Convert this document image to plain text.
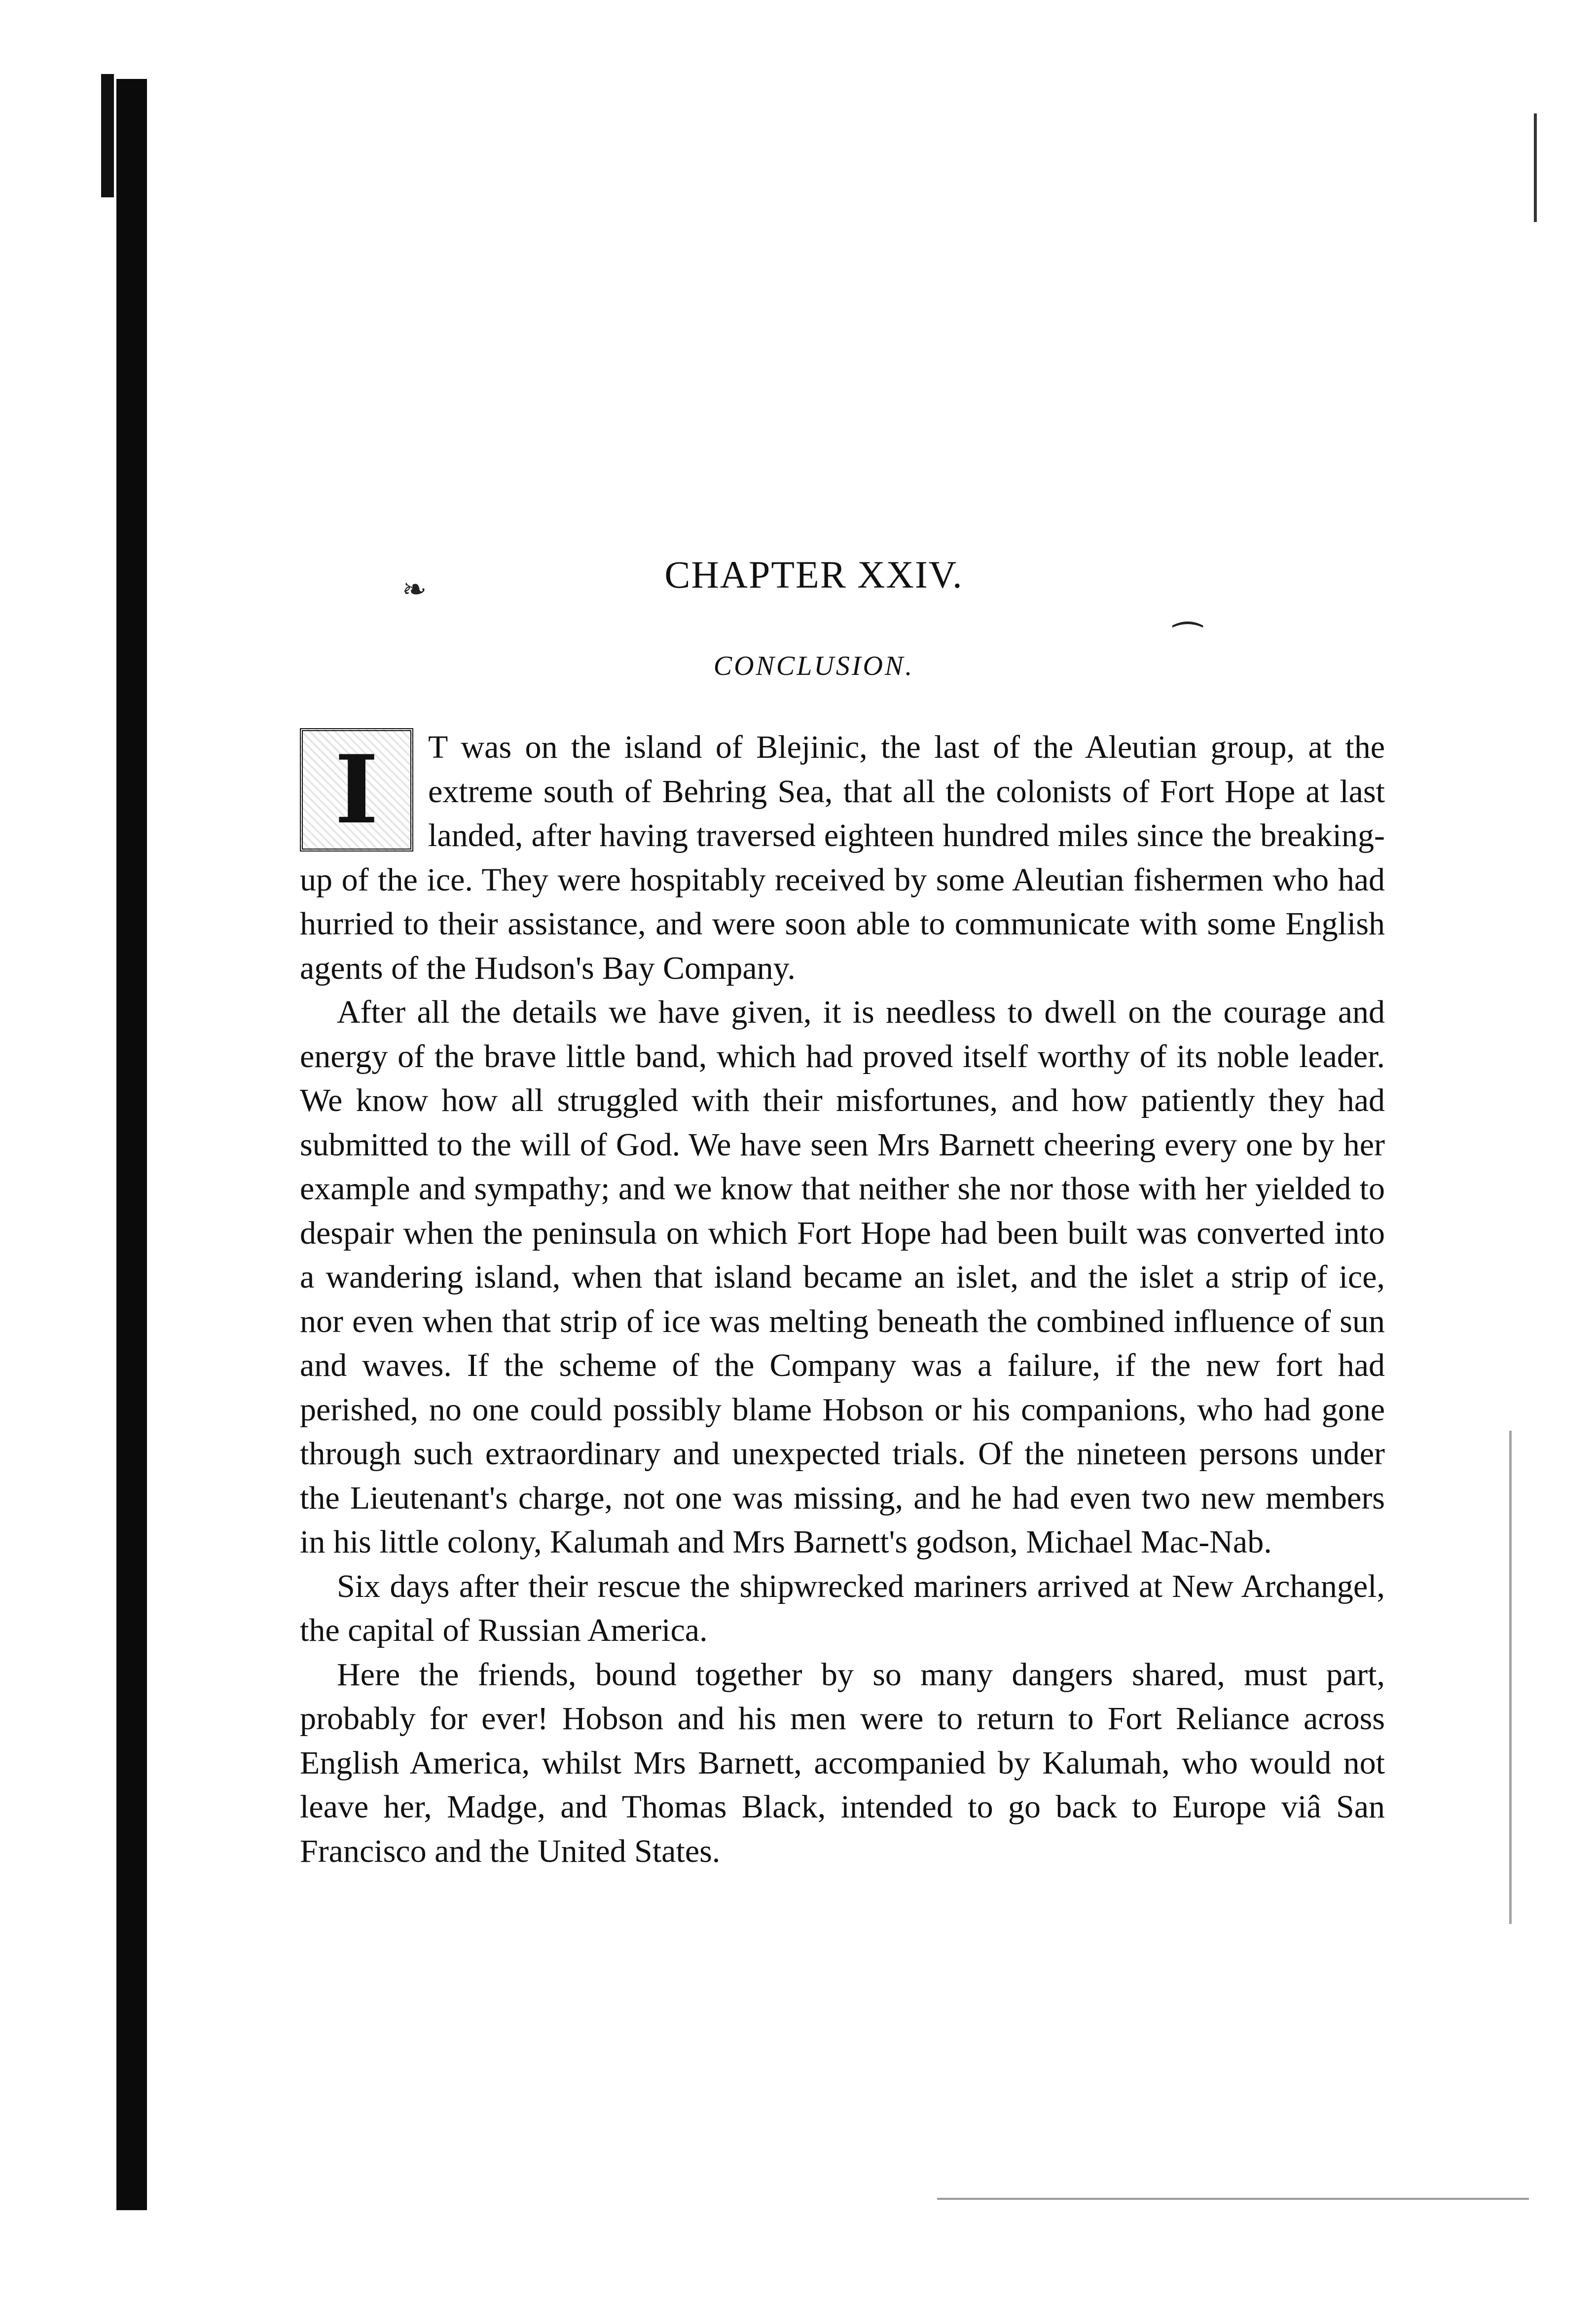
❧
⁀
CHAPTER XXIV.
CONCLUSION.

I	T was on the island of Blejinic, the last of the Aleutian group, at the extreme south of Behring Sea, that all the colonists of Fort Hope at last landed, after having traversed eighteen hundred miles since the breaking-up of the ice. They were hospitably received by some Aleutian fishermen who had hurried to their assistance, and were soon able to communicate with some English agents of the Hudson's Bay Company.

After all the details we have given, it is needless to dwell on the courage and energy of the brave little band, which had proved itself worthy of its noble leader. We know how all struggled with their misfortunes, and how patiently they had submitted to the will of God. We have seen Mrs Barnett cheering every one by her example and sympathy; and we know that neither she nor those with her yielded to despair when the peninsula on which Fort Hope had been built was converted into a wandering island, when that island became an islet, and the islet a strip of ice, nor even when that strip of ice was melting beneath the combined influence of sun and waves. If the scheme of the Company was a failure, if the new fort had perished, no one could possibly blame Hobson or his companions, who had gone through such extraordinary and unexpected trials. Of the nineteen persons under the Lieutenant's charge, not one was missing, and he had even two new members in his little colony, Kalumah and Mrs Barnett's godson, Michael Mac-Nab.

Six days after their rescue the shipwrecked mariners arrived at New Archangel, the capital of Russian America.

Here the friends, bound together by so many dangers shared, must part, probably for ever! Hobson and his men were to return to Fort Reliance across English America, whilst Mrs Barnett, accompanied by Kalumah, who would not leave her, Madge, and Thomas Black, intended to go back to Europe viâ San Francisco and the United States.
